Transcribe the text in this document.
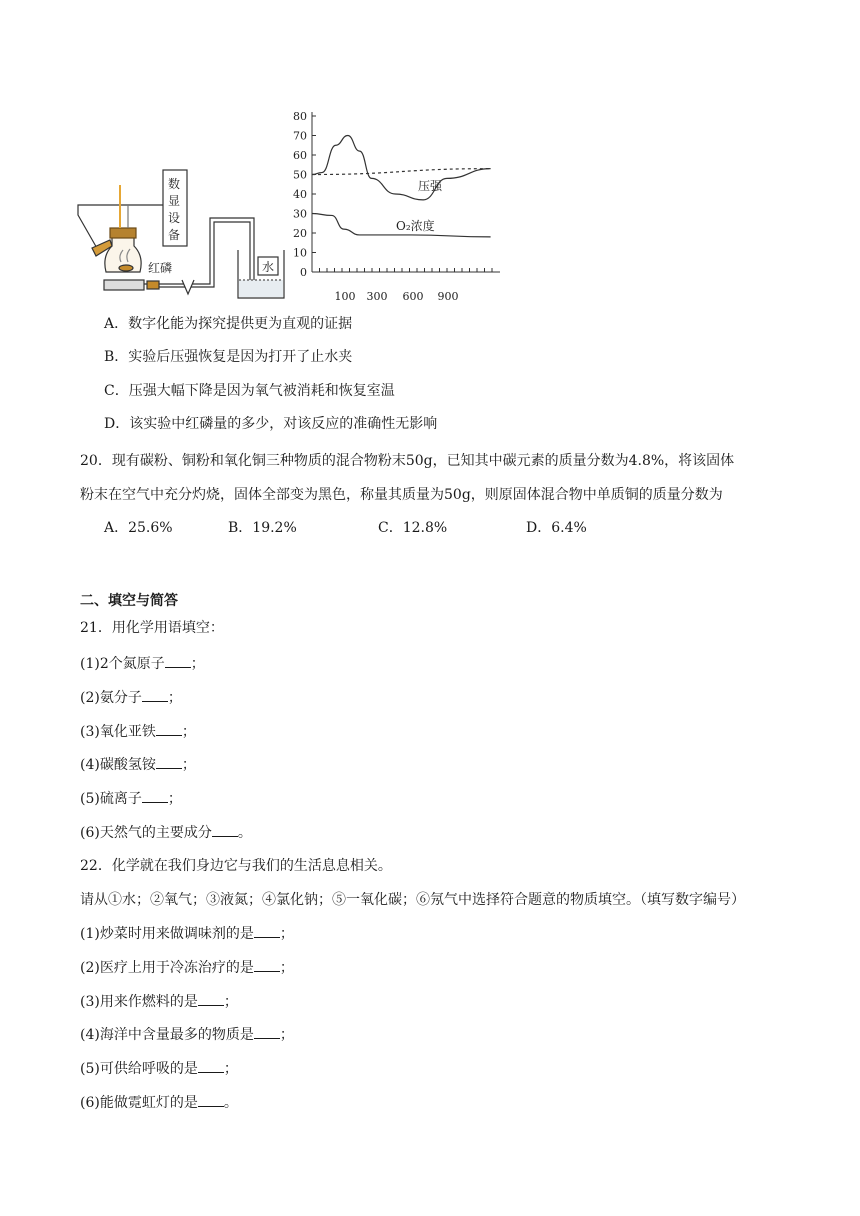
数
显
设
备
红磷	水 0
10
20
30
40
50
60
70
80
100 300 600 900
压强
O₂浓度
A．数字化能为探究提供更为直观的证据
B．实验后压强恢复是因为打开了止水夹
C．压强大幅下降是因为氧气被消耗和恢复室温
D．该实验中红磷量的多少，对该反应的准确性无影响
20．现有碳粉、铜粉和氧化铜三种物质的混合物粉末50g，已知其中碳元素的质量分数为4.8%，将该固体
粉末在空气中充分灼烧，固体全部变为黑色，称量其质量为50g，则原固体混合物中单质铜的质量分数为
A．25.6%	B．19.2%	C．12.8%	D．6.4%
二、填空与简答
21．用化学用语填空：
(1)2个氮原子 ；
(2)氨分子 ；
(3)氧化亚铁 ；
(4)碳酸氢铵 ；
(5)硫离子 ；
(6)天然气的主要成分 。
22．化学就在我们身边它与我们的生活息息相关。
请从①水；②氧气；③液氮；④氯化钠；⑤一氧化碳；⑥氖气中选择符合题意的物质填空。（填写数字编号）
(1)炒菜时用来做调味剂的是 ；
(2)医疗上用于冷冻治疗的是 ；
(3)用来作燃料的是 ；
(4)海洋中含量最多的物质是 ；
(5)可供给呼吸的是 ；
(6)能做霓虹灯的是 。
